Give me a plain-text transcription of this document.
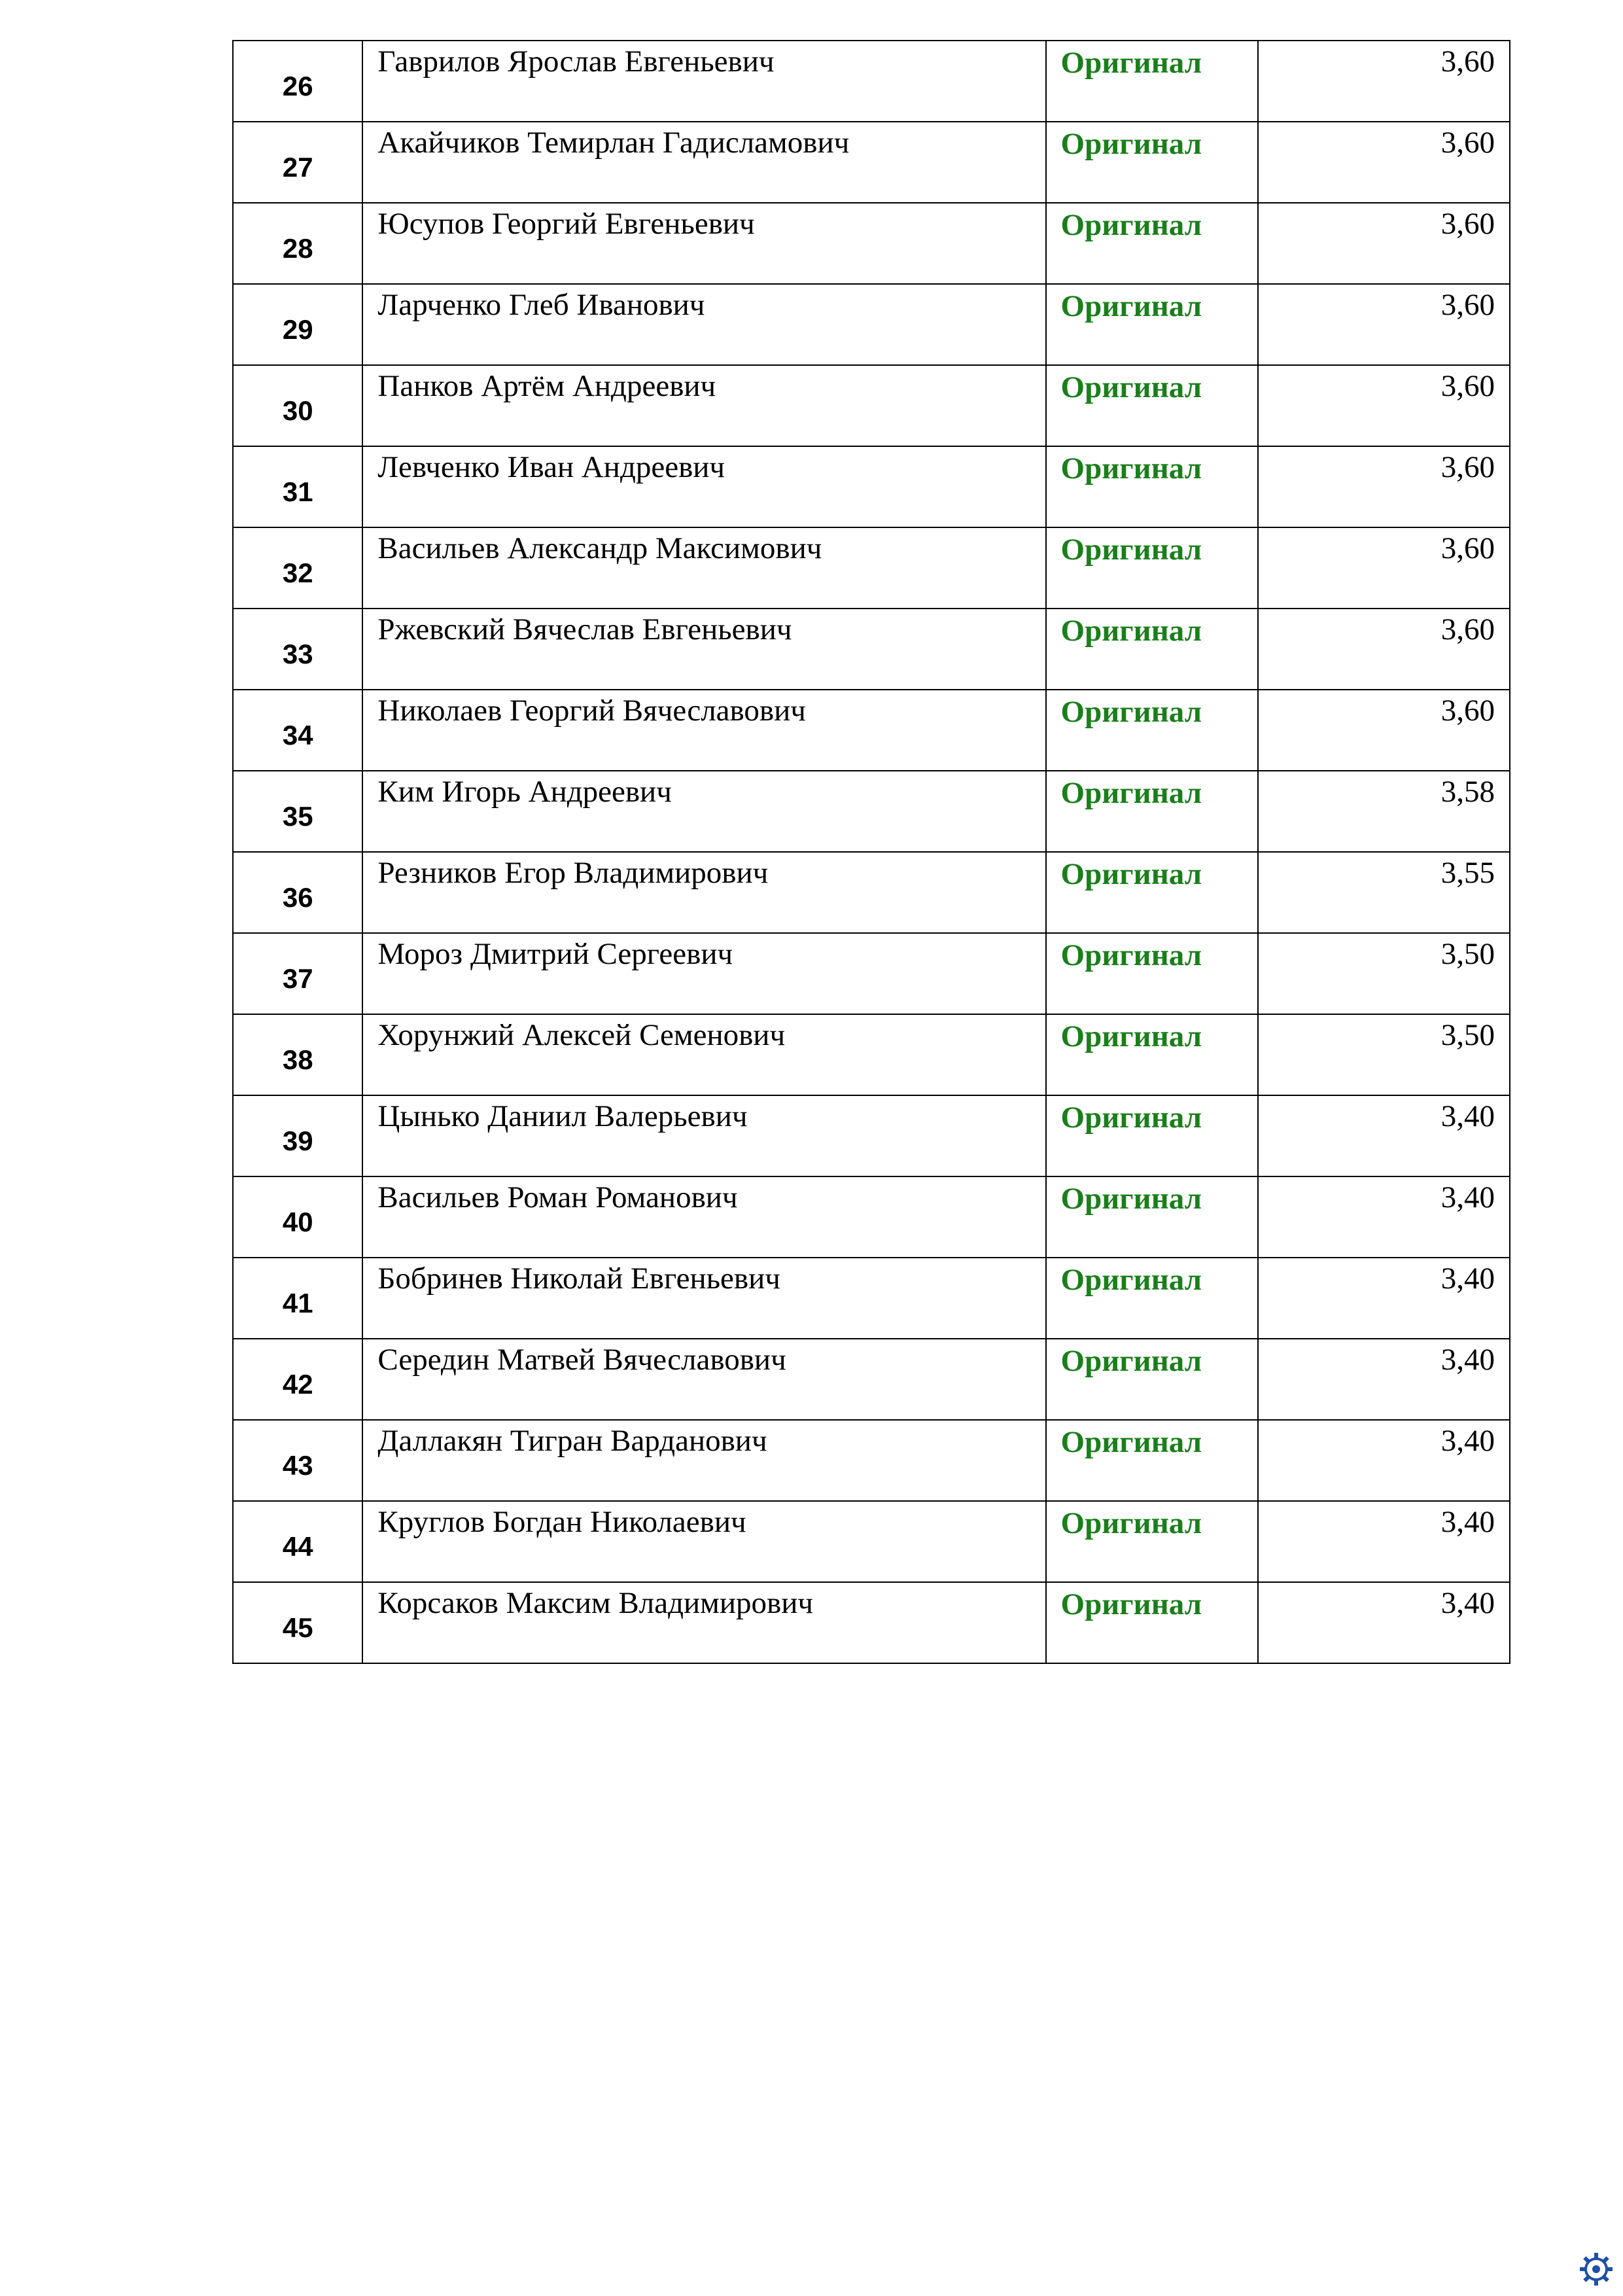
26	Гаврилов Ярослав Евгеньевич	Оригинал	3,60
27	Акайчиков Темирлан Гадисламович	Оригинал	3,60
28	Юсупов Георгий Евгеньевич	Оригинал	3,60
29	Ларченко Глеб Иванович	Оригинал	3,60
30	Панков Артём Андреевич	Оригинал	3,60
31	Левченко Иван Андреевич	Оригинал	3,60
32	Васильев Александр Максимович	Оригинал	3,60
33	Ржевский Вячеслав Евгеньевич	Оригинал	3,60
34	Николаев Георгий Вячеславович	Оригинал	3,60
35	Ким Игорь Андреевич	Оригинал	3,58
36	Резников Егор Владимирович	Оригинал	3,55
37	Мороз Дмитрий Сергеевич	Оригинал	3,50
38	Хорунжий Алексей Семенович	Оригинал	3,50
39	Цынько Даниил Валерьевич	Оригинал	3,40
40	Васильев Роман Романович	Оригинал	3,40
41	Бобринев Николай Евгеньевич	Оригинал	3,40
42	Середин Матвей Вячеславович	Оригинал	3,40
43	Даллакян Тигран Варданович	Оригинал	3,40
44	Круглов Богдан Николаевич	Оригинал	3,40
45	Корсаков Максим Владимирович	Оригинал	3,40
